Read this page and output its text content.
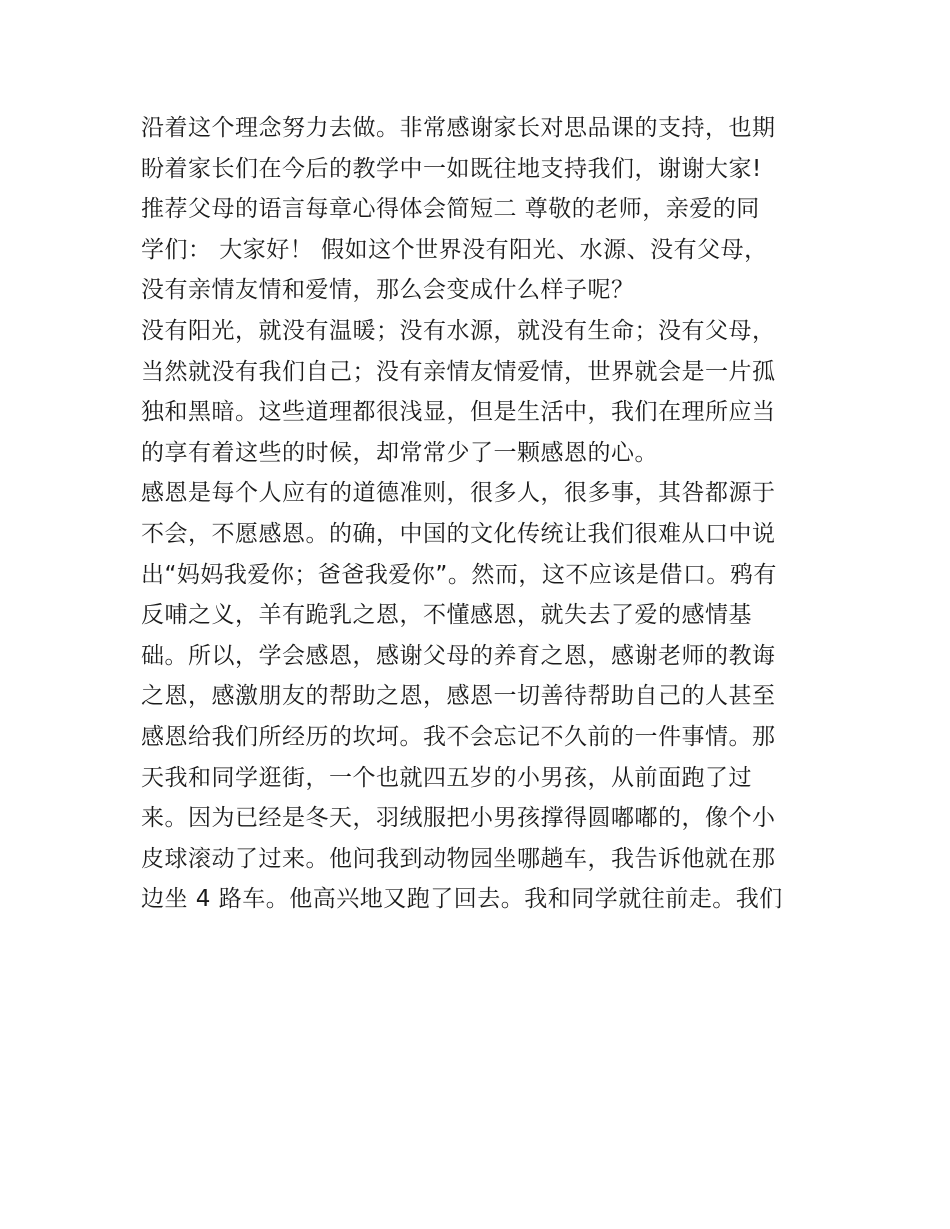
沿着这个理念努力去做。非常感谢家长对思品课的支持，也期

盼着家长们在今后的教学中一如既往地支持我们，谢谢大家!

推荐父母的语言每章心得体会简短二 尊敬的老师，亲爱的同

学们： 大家好！ 假如这个世界没有阳光、水源、没有父母，

没有亲情友情和爱情，那么会变成什么样子呢？

没有阳光，就没有温暖；没有水源，就没有生命；没有父母，

当然就没有我们自己；没有亲情友情爱情，世界就会是一片孤

独和黑暗。这些道理都很浅显，但是生活中，我们在理所应当

的享有着这些的时候，却常常少了一颗感恩的心。

感恩是每个人应有的道德准则，很多人，很多事，其咎都源于

不会，不愿感恩。的确，中国的文化传统让我们很难从口中说

出“妈妈我爱你；爸爸我爱你”。然而，这不应该是借口。鸦有

反哺之义，羊有跪乳之恩，不懂感恩，就失去了爱的感情基

础。所以，学会感恩，感谢父母的养育之恩，感谢老师的教诲

之恩，感激朋友的帮助之恩，感恩一切善待帮助自己的人甚至

感恩给我们所经历的坎坷。我不会忘记不久前的一件事情。那

天我和同学逛街，一个也就四五岁的小男孩，从前面跑了过

来。因为已经是冬天，羽绒服把小男孩撑得圆嘟嘟的，像个小

皮球滚动了过来。他问我到动物园坐哪趟车，我告诉他就在那

边坐 4 路车。他高兴地又跑了回去。我和同学就往前走。我们
